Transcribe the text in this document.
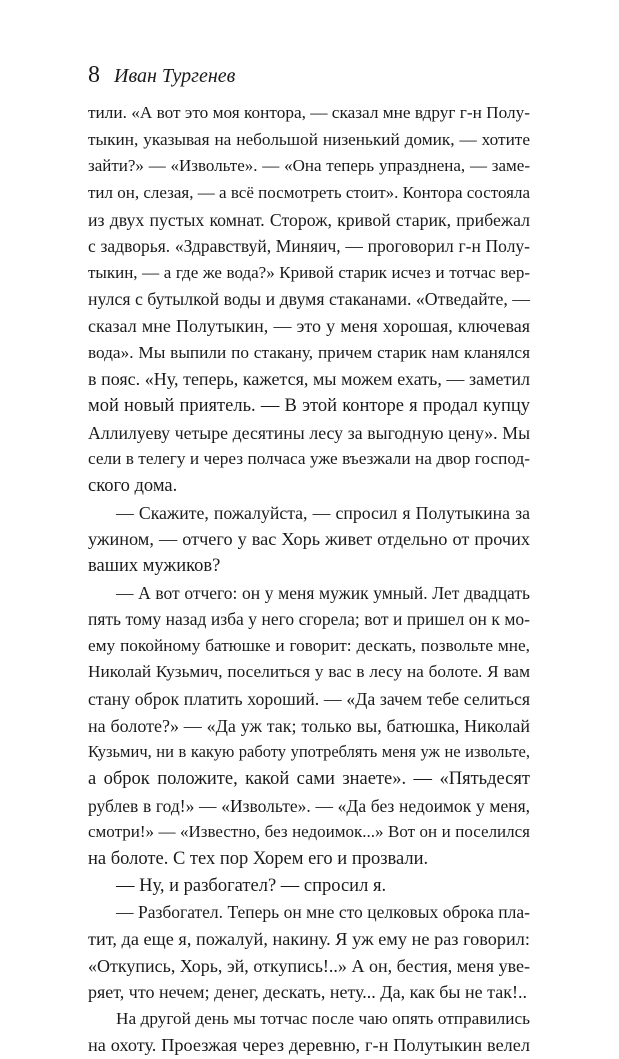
8 Иван Тургенев
тили. «А вот это моя контора, — сказал мне вдруг г-н Полу-
тыкин, указывая на небольшой низенький домик, — хотите
зайти?» — «Извольте». — «Она теперь упразднена, — заме-
тил он, слезая, — а всё посмотреть стоит». Контора состояла
из двух пустых комнат. Сторож, кривой старик, прибежал
с задворья. «Здравствуй, Миняич, — проговорил г-н Полу-
тыкин, — а где же вода?» Кривой старик исчез и тотчас вер-
нулся с бутылкой воды и двумя стаканами. «Отведайте, —
сказал мне Полутыкин, — это у меня хорошая, ключевая
вода». Мы выпили по стакану, причем старик нам кланялся
в пояс. «Ну, теперь, кажется, мы можем ехать, — заметил
мой новый приятель. — В этой конторе я продал купцу
Аллилуеву четыре десятины лесу за выгодную цену». Мы
сели в телегу и через полчаса уже въезжали на двор господ-
ского дома.
— Скажите, пожалуйста, — спросил я Полутыкина за
ужином, — отчего у вас Хорь живет отдельно от прочих
ваших мужиков?
— А вот отчего: он у меня мужик умный. Лет двадцать
пять тому назад изба у него сгорела; вот и пришел он к мо-
ему покойному батюшке и говорит: дескать, позвольте мне,
Николай Кузьмич, поселиться у вас в лесу на болоте. Я вам
стану оброк платить хороший. — «Да зачем тебе селиться
на болоте?» — «Да уж так; только вы, батюшка, Николай
Кузьмич, ни в какую работу употреблять меня уж не извольте,
а оброк положите, какой сами знаете». — «Пятьдесят
рублев в год!» — «Извольте». — «Да без недоимок у меня,
смотри!» — «Известно, без недоимок...» Вот он и поселился
на болоте. С тех пор Хорем его и прозвали.
— Ну, и разбогател? — спросил я.
— Разбогател. Теперь он мне сто целковых оброка пла-
тит, да еще я, пожалуй, накину. Я уж ему не раз говорил:
«Откупись, Хорь, эй, откупись!..» А он, бестия, меня уве-
ряет, что нечем; денег, дескать, нету... Да, как бы не так!..
На другой день мы тотчас после чаю опять отправились
на охоту. Проезжая через деревню, г-н Полутыкин велел
